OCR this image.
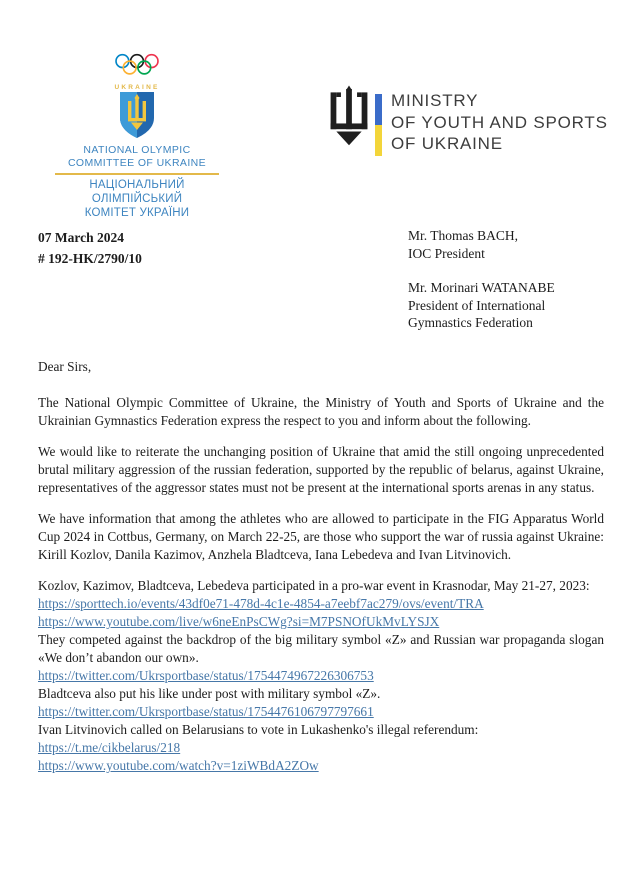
UKRAINE
NATIONAL OLYMPIC
COMMITTEE OF UKRAINE
НАЦІОНАЛЬНИЙ ОЛІМПІЙСЬКИЙ
КОМІТЕТ УКРАЇНИ
MINISTRY
OF YOUTH AND SPORTS
OF UKRAINE
07 March 2024
# 192-HK/2790/10
Mr. Thomas BACH,
IOC President
Mr. Morinari WATANABE
President of International
Gymnastics Federation

Dear Sirs,

The National Olympic Committee of Ukraine, the Ministry of Youth and Sports of Ukraine and the Ukrainian Gymnastics Federation express the respect to you and inform about the following.

We would like to reiterate the unchanging position of Ukraine that amid the still ongoing unprecedented brutal military aggression of the russian federation, supported by the republic of belarus, against Ukraine, representatives of the aggressor states must not be present at the international sports arenas in any status.

We have information that among the athletes who are allowed to participate in the FIG Apparatus World Cup 2024 in Cottbus, Germany, on March 22-25, are those who support the war of russia against Ukraine: Kirill Kozlov, Danila Kazimov, Anzhela Bladtceva, Iana Lebedeva and Ivan Litvinovich.

Kozlov, Kazimov, Bladtceva, Lebedeva participated in a pro-war event in Krasnodar, May 21-27, 2023:

https://sporttech.io/events/43df0e71-478d-4c1e-4854-a7eebf7ac279/ovs/event/TRA
https://www.youtube.com/live/w6neEnPsCWg?si=M7PSNOfUkMvLYSJX

They competed against the backdrop of the big military symbol «Z» and Russian war propaganda slogan «We don’t abandon our own».

https://twitter.com/Ukrsportbase/status/1754474967226306753

Bladtceva also put his like under post with military symbol «Z».

https://twitter.com/Ukrsportbase/status/1754476106797797661

Ivan Litvinovich called on Belarusians to vote in Lukashenko's illegal referendum:

https://t.me/cikbelarus/218
https://www.youtube.com/watch?v=1ziWBdA2ZOw
